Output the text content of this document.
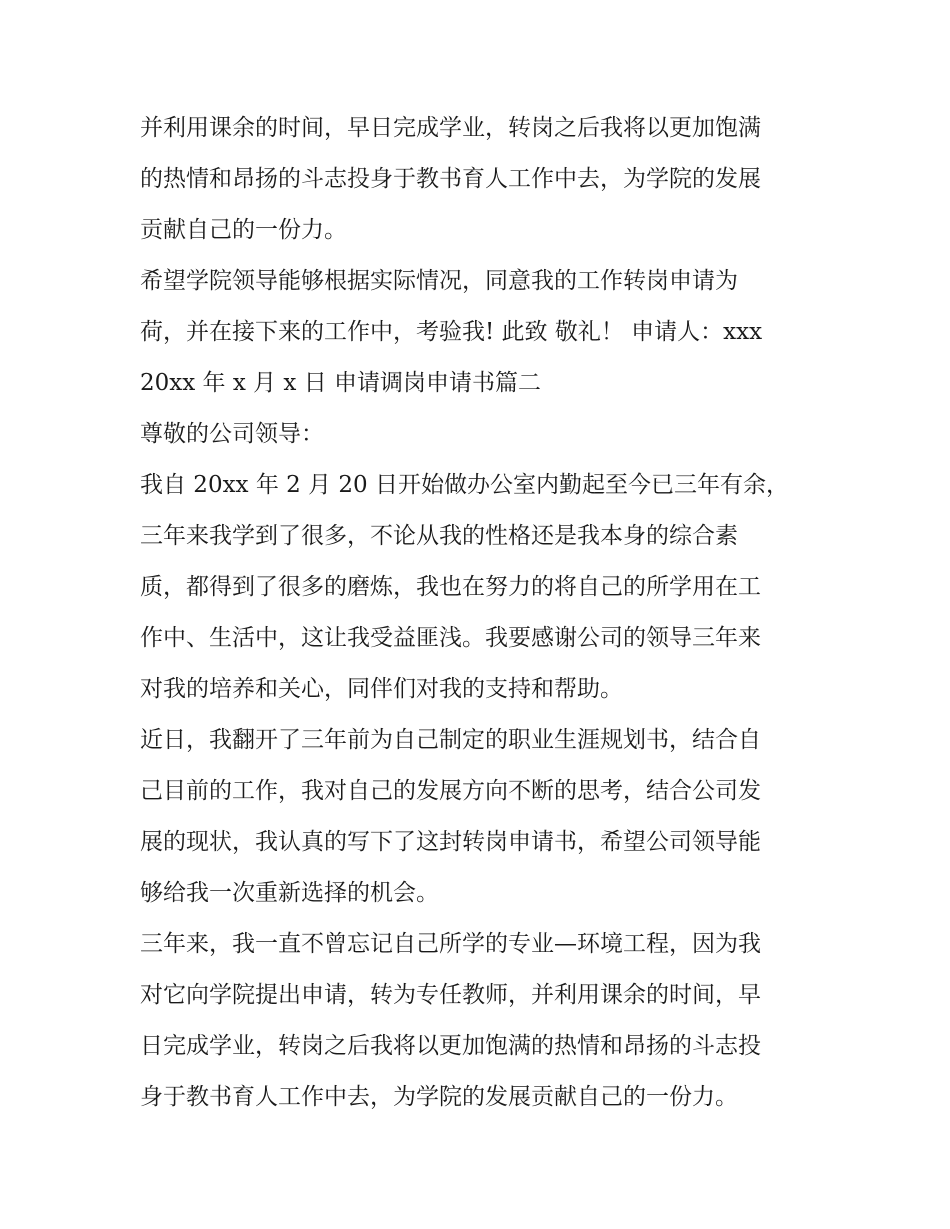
并利用课余的时间，早日完成学业，转岗之后我将以更加饱满
的热情和昂扬的斗志投身于教书育人工作中去，为学院的发展
贡献自己的一份力。
希望学院领导能够根据实际情况，同意我的工作转岗申请为
荷，并在接下来的工作中，考验我! 此致 敬礼！ 申请人：xxx
20xx 年 x 月 x 日 申请调岗申请书篇二
尊敬的公司领导：
我自 20xx 年 2 月 20 日开始做办公室内勤起至今已三年有余，
三年来我学到了很多，不论从我的性格还是我本身的综合素
质，都得到了很多的磨炼，我也在努力的将自己的所学用在工
作中、生活中，这让我受益匪浅。我要感谢公司的领导三年来
对我的培养和关心，同伴们对我的支持和帮助。
近日，我翻开了三年前为自己制定的职业生涯规划书，结合自
己目前的工作，我对自己的发展方向不断的思考，结合公司发
展的现状，我认真的写下了这封转岗申请书，希望公司领导能
够给我一次重新选择的机会。
三年来，我一直不曾忘记自己所学的专业—环境工程，因为我
对它向学院提出申请，转为专任教师，并利用课余的时间，早
日完成学业，转岗之后我将以更加饱满的热情和昂扬的斗志投
身于教书育人工作中去，为学院的发展贡献自己的一份力。
